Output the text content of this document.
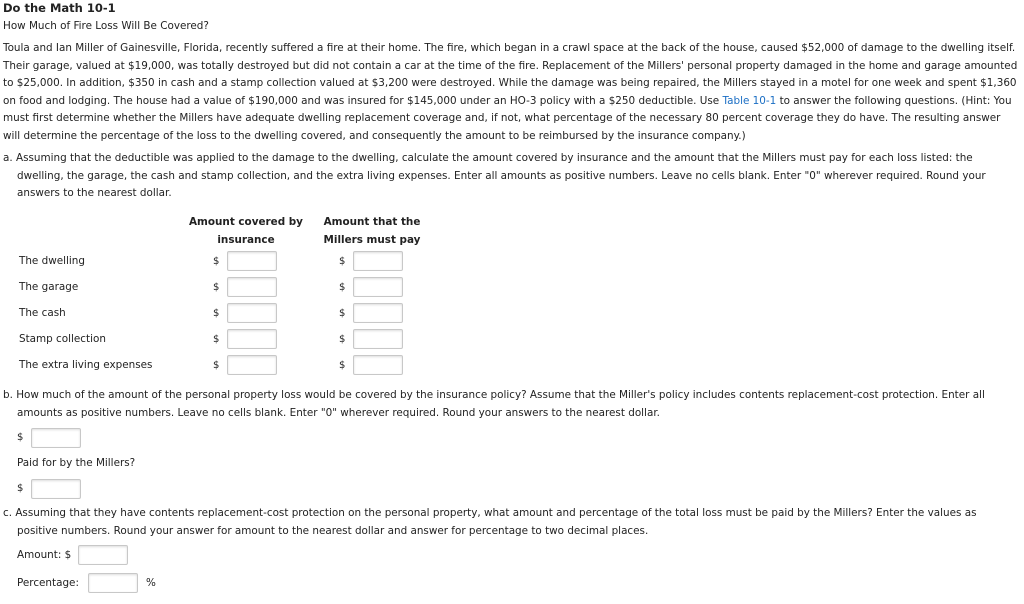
Do the Math 10-1
How Much of Fire Loss Will Be Covered?
Toula and Ian Miller of Gainesville, Florida, recently suffered a fire at their home. The fire, which began in a crawl space at the back of the house, caused $52,000 of damage to the dwelling itself. Their garage, valued at $19,000, was totally destroyed but did not contain a car at the time of the fire. Replacement of the Millers' personal property damaged in the home and garage amounted to $25,000. In addition, $350 in cash and a stamp collection valued at $3,200 were destroyed. While the damage was being repaired, the Millers stayed in a motel for one week and spent $1,360 on food and lodging. The house had a value of $190,000 and was insured for $145,000 under an HO-3 policy with a $250 deductible. Use Table 10-1 to answer the following questions. (Hint: You must first determine whether the Millers have adequate dwelling replacement coverage and, if not, what percentage of the necessary 80 percent coverage they do have. The resulting answer will determine the percentage of the loss to the dwelling covered, and consequently the amount to be reimbursed by the insurance company.)
a. Assuming that the deductible was applied to the damage to the dwelling, calculate the amount covered by insurance and the amount that the Millers must pay for each loss listed: the dwelling, the garage, the cash and stamp collection, and the extra living expenses. Enter all amounts as positive numbers. Leave no cells blank. Enter "0" wherever required. Round your answers to the nearest dollar.
Amount covered by insurance
Amount that the Millers must pay
The dwelling	$	$
The garage	$	$
The cash	$	$
Stamp collection	$	$
The extra living expenses	$	$
b. How much of the amount of the personal property loss would be covered by the insurance policy? Assume that the Miller's policy includes contents replacement-cost protection. Enter all amounts as positive numbers. Leave no cells blank. Enter "0" wherever required. Round your answers to the nearest dollar.
$
Paid for by the Millers?
$
c. Assuming that they have contents replacement-cost protection on the personal property, what amount and percentage of the total loss must be paid by the Millers? Enter the values as positive numbers. Round your answer for amount to the nearest dollar and answer for percentage to two decimal places.
Amount: $
Percentage:	%
